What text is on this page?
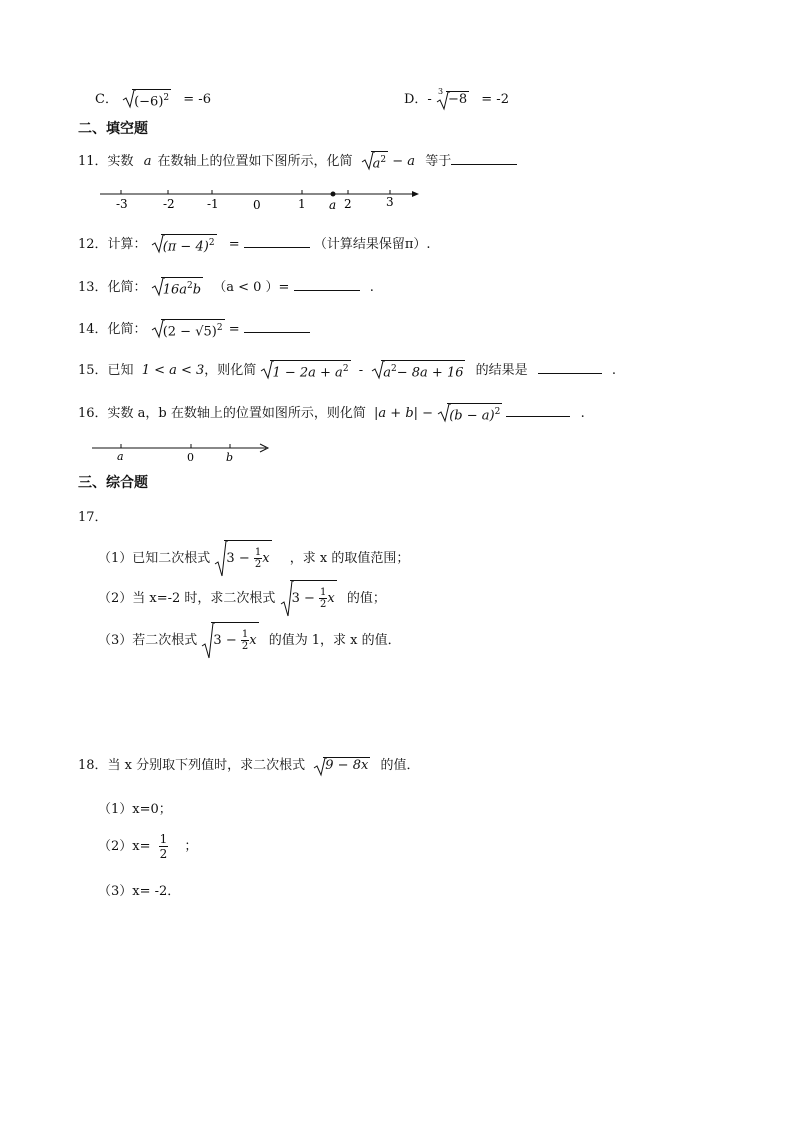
C． $(-6)^2 = -6$	D．-
3
−8 = -2
二、填空题
11．实数 a 在数轴上的位置如下图所示，化简 $a^2 - a$ 等于
-3	-2	-1	0	1	2	3
a
12．计算： $(\pi - 4)^2$ =	（计算结果保留π）.
13．化简： $16a^2b$ （a < 0 ）=	.
14．化简： $(2 - √5)^2$ =
15．已知 1 < a < 3，则化简 $1 - 2a + a^2 - a^2- 8a + 16$ 的结果是	.
16．实数 a，b 在数轴上的位置如图所示，则化简 $|a + b| - (b - a)^2$	.
a	0	b
三、综合题
17．
（1）已知二次根式 $3 - \frac{1}{2}$ x ，求 x 的取值范围；
（2）当 x=-2 时，求二次根式 $3 - \frac{1}{2}$ x 的值；
（3）若二次根式 $3 - \frac{1}{2}$ x 的值为 1，求 x 的值．
18．当 x 分别取下列值时，求二次根式 9 − 8x 的值．
（1）x=0；
$(2)x= \frac{1}{2}$ ；
（3）x= -2．
